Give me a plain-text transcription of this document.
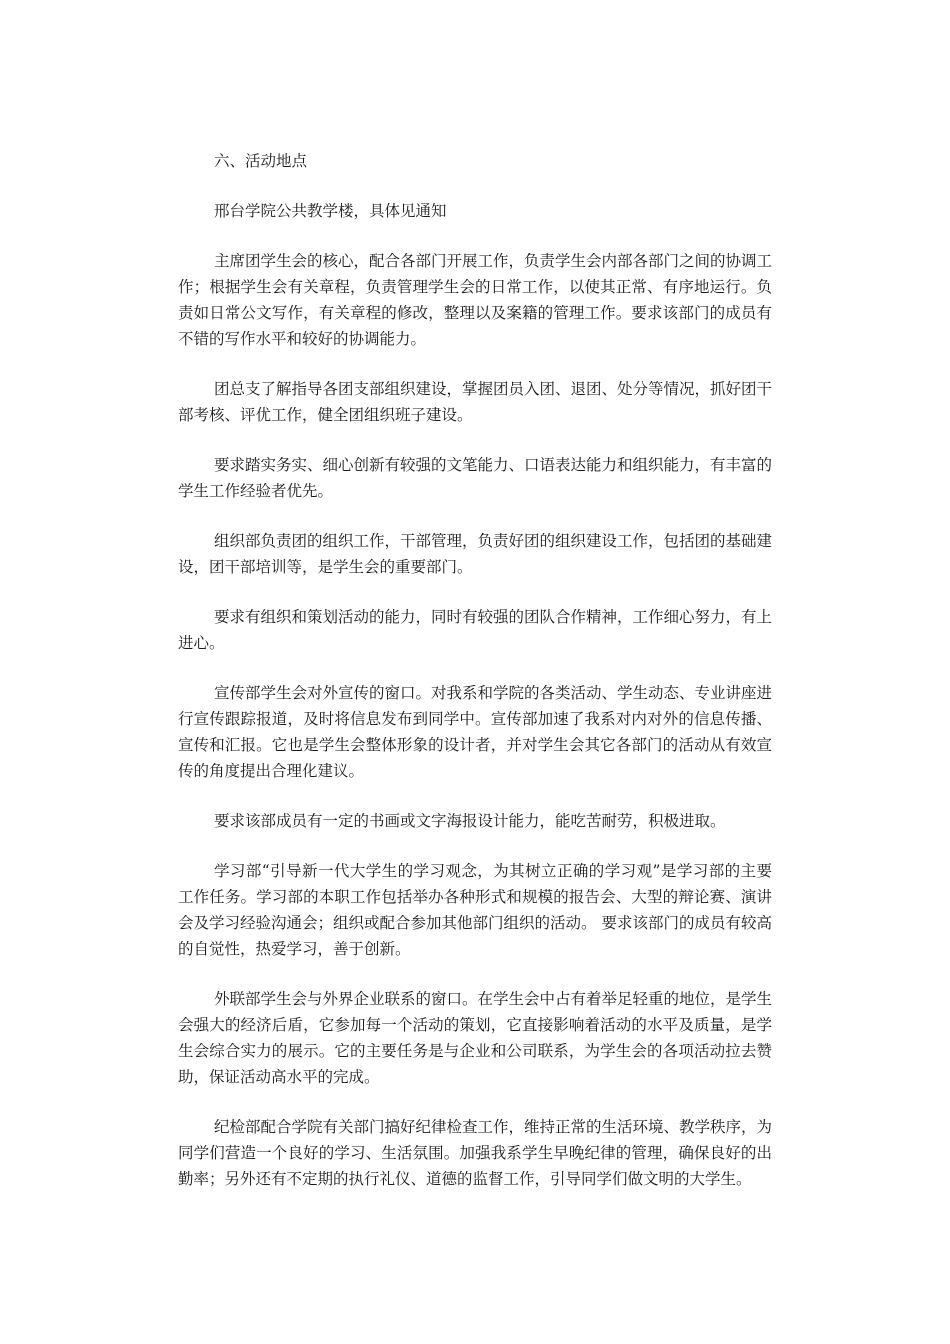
六、活动地点

邢台学院公共教学楼，具体见通知

主席团学生会的核心，配合各部门开展工作，负责学生会内部各部门之间的协调工作；根据学生会有关章程，负责管理学生会的日常工作，以使其正常、有序地运行。负责如日常公文写作，有关章程的修改，整理以及案籍的管理工作。要求该部门的成员有不错的写作水平和较好的协调能力。

团总支了解指导各团支部组织建设，掌握团员入团、退团、处分等情况，抓好团干部考核、评优工作，健全团组织班子建设。

要求踏实务实、细心创新有较强的文笔能力、口语表达能力和组织能力，有丰富的学生工作经验者优先。

组织部负责团的组织工作，干部管理，负责好团的组织建设工作，包括团的基础建设，团干部培训等，是学生会的重要部门。

要求有组织和策划活动的能力，同时有较强的团队合作精神，工作细心努力，有上进心。

宣传部学生会对外宣传的窗口。对我系和学院的各类活动、学生动态、专业讲座进行宣传跟踪报道，及时将信息发布到同学中。宣传部加速了我系对内对外的信息传播、宣传和汇报。它也是学生会整体形象的设计者，并对学生会其它各部门的活动从有效宣传的角度提出合理化建议。

要求该部成员有一定的书画或文字海报设计能力，能吃苦耐劳，积极进取。

学习部“引导新一代大学生的学习观念，为其树立正确的学习观”是学习部的主要工作任务。学习部的本职工作包括举办各种形式和规模的报告会、大型的辩论赛、演讲会及学习经验沟通会；组织或配合参加其他部门组织的活动。 要求该部门的成员有较高的自觉性，热爱学习，善于创新。

外联部学生会与外界企业联系的窗口。在学生会中占有着举足轻重的地位，是学生会强大的经济后盾，它参加每一个活动的策划，它直接影响着活动的水平及质量，是学生会综合实力的展示。它的主要任务是与企业和公司联系，为学生会的各项活动拉去赞助，保证活动高水平的完成。

纪检部配合学院有关部门搞好纪律检查工作，维持正常的生活环境、教学秩序，为同学们营造一个良好的学习、生活氛围。加强我系学生早晚纪律的管理，确保良好的出勤率；另外还有不定期的执行礼仪、道德的监督工作，引导同学们做文明的大学生。
